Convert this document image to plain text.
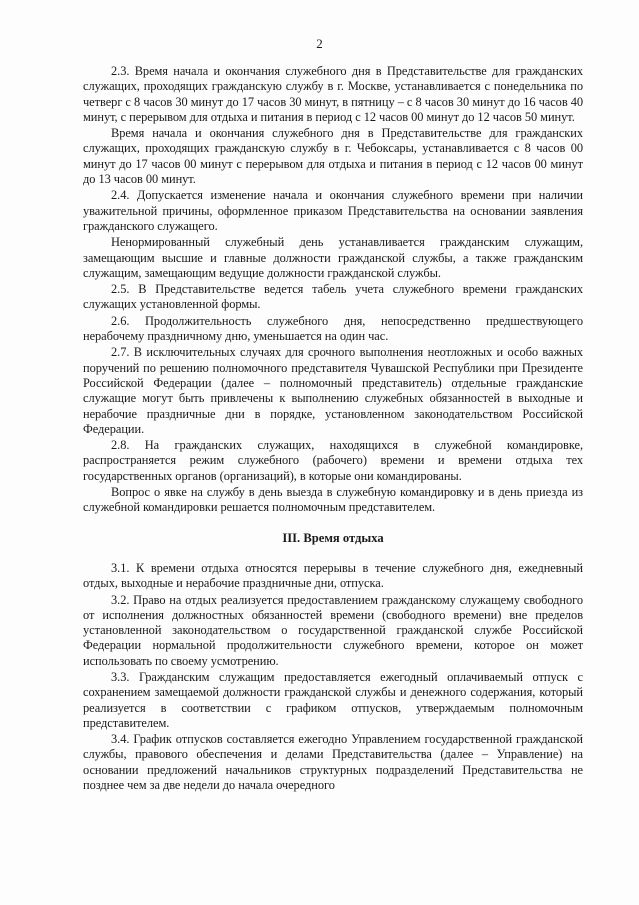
2

2.3. Время начала и окончания служебного дня в Представительстве для гражданских служащих, проходящих гражданскую службу в г. Москве, устанавливается с понедельника по четверг с 8 часов 30 минут до 17 часов 30 минут, в пятницу – с 8 часов 30 минут до 16 часов 40 минут, с перерывом для отдыха и питания в период с 12 часов 00 минут до 12 часов 50 минут.

Время начала и окончания служебного дня в Представительстве для гражданских служащих, проходящих гражданскую службу в г. Чебоксары, устанавливается с 8 часов 00 минут до 17 часов 00 минут с перерывом для отдыха и питания в период с 12 часов 00 минут до 13 часов 00 минут.

2.4. Допускается изменение начала и окончания служебного времени при наличии уважительной причины, оформленное приказом Представительства на основании заявления гражданского служащего.

Ненормированный служебный день устанавливается гражданским служащим, замещающим высшие и главные должности гражданской службы, а также гражданским служащим, замещающим ведущие должности гражданской службы.

2.5. В Представительстве ведется табель учета служебного времени гражданских служащих установленной формы.

2.6. Продолжительность служебного дня, непосредственно предшествующего нерабочему праздничному дню, уменьшается на один час.

2.7. В исключительных случаях для срочного выполнения неотложных и особо важных поручений по решению полномочного представителя Чувашской Республики при Президенте Российской Федерации (далее – полномочный представитель) отдельные гражданские служащие могут быть привлечены к выполнению служебных обязанностей в выходные и нерабочие праздничные дни в порядке, установленном законодательством Российской Федерации.

2.8. На гражданских служащих, находящихся в служебной командировке, распространяется режим служебного (рабочего) времени и времени отдыха тех государственных органов (организаций), в которые они командированы.

Вопрос о явке на службу в день выезда в служебную командировку и в день приезда из служебной командировки решается полномочным представителем.

III. Время отдыха

3.1. К времени отдыха относятся перерывы в течение служебного дня, ежедневный отдых, выходные и нерабочие праздничные дни, отпуска.

3.2. Право на отдых реализуется предоставлением гражданскому служащему свободного от исполнения должностных обязанностей времени (свободного времени) вне пределов установленной законодательством о государственной гражданской службе Российской Федерации нормальной продолжительности служебного времени, которое он может использовать по своему усмотрению.

3.3. Гражданским служащим предоставляется ежегодный оплачиваемый отпуск с сохранением замещаемой должности гражданской службы и денежного содержания, который реализуется в соответствии с графиком отпусков, утверждаемым полномочным представителем.

3.4. График отпусков составляется ежегодно Управлением государственной гражданской службы, правового обеспечения и делами Представительства (далее – Управление) на основании предложений начальников структурных подразделений Представительства не позднее чем за две недели до начала очередного
